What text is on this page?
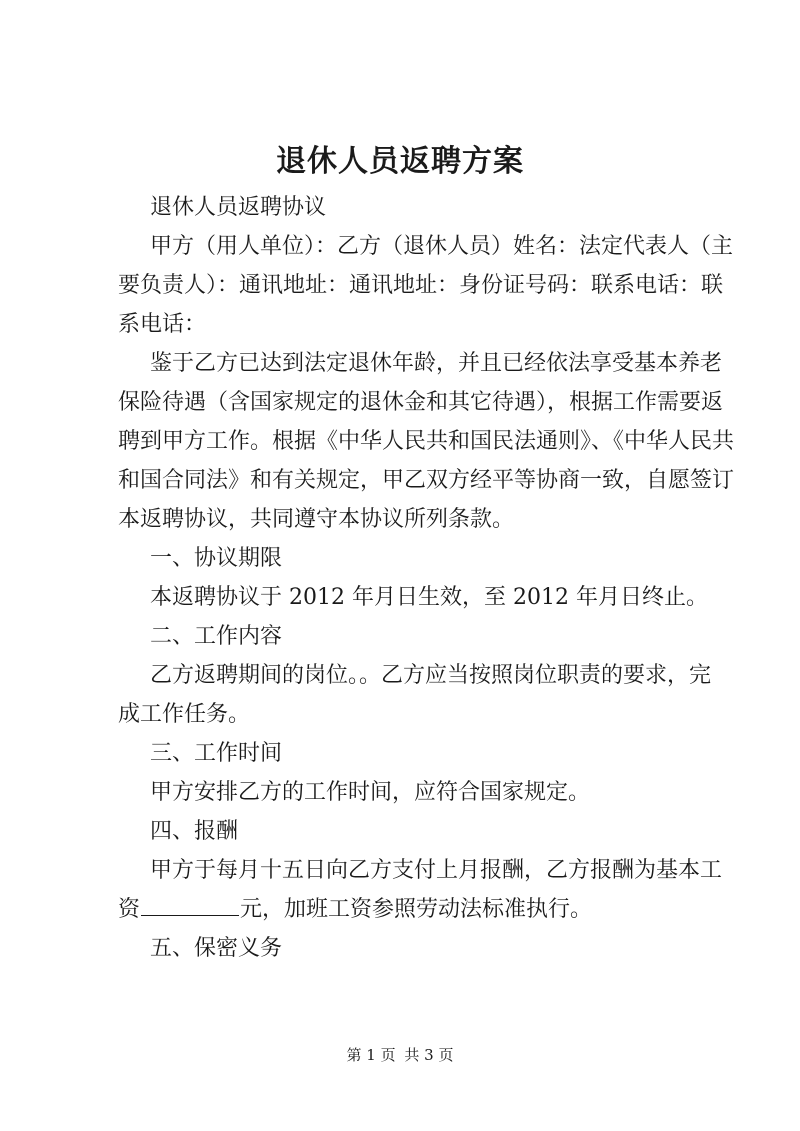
退休人员返聘方案
退休人员返聘协议
甲方（用人单位）：乙方（退休人员）姓名：法定代表人（主
要负责人）：通讯地址：通讯地址：身份证号码：联系电话：联
系电话：
鉴于乙方已达到法定退休年龄，并且已经依法享受基本养老
保险待遇（含国家规定的退休金和其它待遇），根据工作需要返
聘到甲方工作。根据《中华人民共和国民法通则》、《中华人民共
和国合同法》和有关规定，甲乙双方经平等协商一致，自愿签订
本返聘协议，共同遵守本协议所列条款。
一、协议期限
本返聘协议于 2012 年月日生效，至 2012 年月日终止。
二、工作内容
乙方返聘期间的岗位。。乙方应当按照岗位职责的要求，完
成工作任务。
三、工作时间
甲方安排乙方的工作时间，应符合国家规定。
四、报酬
甲方于每月十五日向乙方支付上月报酬，乙方报酬为基本工
资	元，加班工资参照劳动法标准执行。
五、保密义务
第 1 页 共 3 页
